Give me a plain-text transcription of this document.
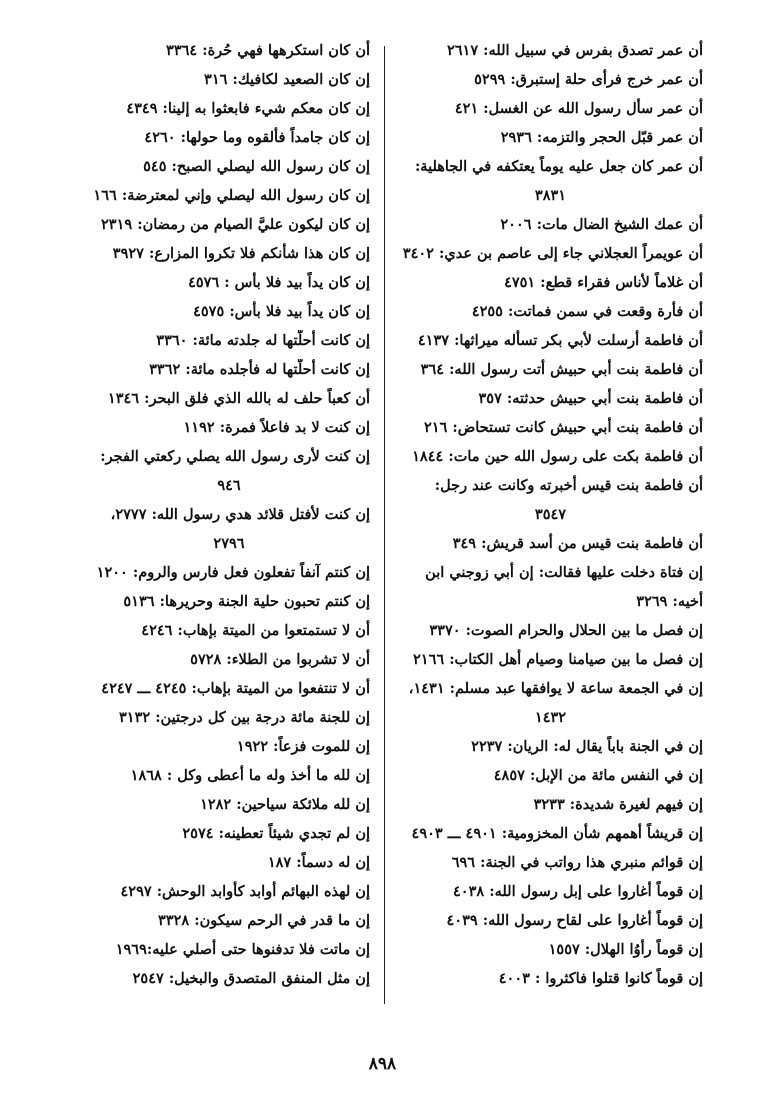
أن عمر تصدق بفرس في سبيل الله: ٢٦١٧
أن عمر خرج فرأى حلة إستبرق: ٥٢٩٩
أن عمر سأل رسول الله عن الغسل: ٤٢١
أن عمر قبّل الحجر والتزمه: ٢٩٣٦
أن عمر كان جعل عليه يوماً يعتكفه في الجاهلية:
٣٨٣١
أن عمك الشيخ الضال مات: ٢٠٠٦
أن عويمراً العجلاني جاء إلى عاصم بن عدي: ٣٤٠٢
أن غلاماً لأناس فقراء قطع: ٤٧٥١
أن فأرة وقعت في سمن فماتت: ٤٢٥٥
أن فاطمة أرسلت لأبي بكر تسأله ميراثها: ٤١٣٧
أن فاطمة بنت أبي حبيش أتت رسول الله: ٣٦٤
أن فاطمة بنت أبي حبيش حدثته: ٣٥٧
أن فاطمة بنت أبي حبيش كانت تستحاض: ٢١٦
أن فاطمة بكت على رسول الله حين مات: ١٨٤٤
أن فاطمة بنت قيس أخبرته وكانت عند رجل:
٣٥٤٧
أن فاطمة بنت قيس من أسد قريش: ٣٤٩
إن فتاة دخلت عليها فقالت: إن أبي زوجني ابن
أخيه: ٣٢٦٩
إن فصل ما بين الحلال والحرام الصوت: ٣٣٧٠
إن فصل ما بين صيامنا وصيام أهل الكتاب: ٢١٦٦
إن في الجمعة ساعة لا يوافقها عبد مسلم: ١٤٣١،
١٤٣٢
إن في الجنة باباً يقال له: الريان: ٢٢٣٧
إن في النفس مائة من الإبل: ٤٨٥٧
إن فيهم لغيرة شديدة: ٣٢٣٣
إن قريشاً أهمهم شأن المخزومية: ٤٩٠١ ـــ ٤٩٠٣
إن قوائم منبري هذا رواتب في الجنة: ٦٩٦
إن قوماً أغاروا على إبل رسول الله: ٤٠٣٨
إن قوماً أغاروا على لقاح رسول الله: ٤٠٣٩
إن قوماً رأوُا الهلال: ١٥٥٧
إن قوماً كانوا قتلوا فاكثروا : ٤٠٠٣
أن كان استكرهها فهي حُرة: ٣٣٦٤
إن كان الصعيد لكافيك: ٣١٦
إن كان معكم شيء فابعثوا به إلينا: ٤٣٤٩
إن كان جامداً فألقوه وما حولها: ٤٢٦٠
إن كان رسول الله ليصلي الصبح: ٥٤٥
إن كان رسول الله ليصلي وإني لمعترضة: ١٦٦
إن كان ليكون عليَّ الصيام من رمضان: ٢٣١٩
إن كان هذا شأنكم فلا تكروا المزارع: ٣٩٢٧
إن كان يداً بيد فلا بأس : ٤٥٧٦
إن كان يداً بيد فلا بأس: ٤٥٧٥
إن كانت أحلّتها له جلدته مائة: ٣٣٦٠
إن كانت أحلّتها له فأجلده مائة: ٣٣٦٢
أن كعباً حلف له بالله الذي فلق البحر: ١٣٤٦
إن كنت لا بد فاعلاً فمرة: ١١٩٢
إن كنت لأرى رسول الله يصلي ركعتي الفجر:
٩٤٦
إن كنت لأفتل قلائد هدي رسول الله: ٢٧٧٧،
٢٧٩٦
إن كنتم آنفاً تفعلون فعل فارس والروم: ١٢٠٠
إن كنتم تحبون حلية الجنة وحريرها: ٥١٣٦
أن لا تستمتعوا من الميتة بإهاب: ٤٢٤٦
أن لا تشربوا من الطلاء: ٥٧٢٨
أن لا تنتفعوا من الميتة بإهاب: ٤٢٤٥ ـــ ٤٢٤٧
إن للجنة مائة درجة بين كل درجتين: ٣١٣٢
إن للموت فزعاً: ١٩٢٢
إن لله ما أخذ وله ما أعطى وكل : ١٨٦٨
إن لله ملائكة سياحين: ١٢٨٢
إن لم تجدي شيئاً تعطينه: ٢٥٧٤
إن له دسماً: ١٨٧
إن لهذه البهائم أوابد كأوابد الوحش: ٤٢٩٧
إن ما قدر في الرحم سيكون: ٣٣٢٨
إن ماتت فلا تدفنوها حتى أصلي عليه:١٩٦٩
إن مثل المنفق المتصدق والبخيل: ٢٥٤٧
٨٩٨
